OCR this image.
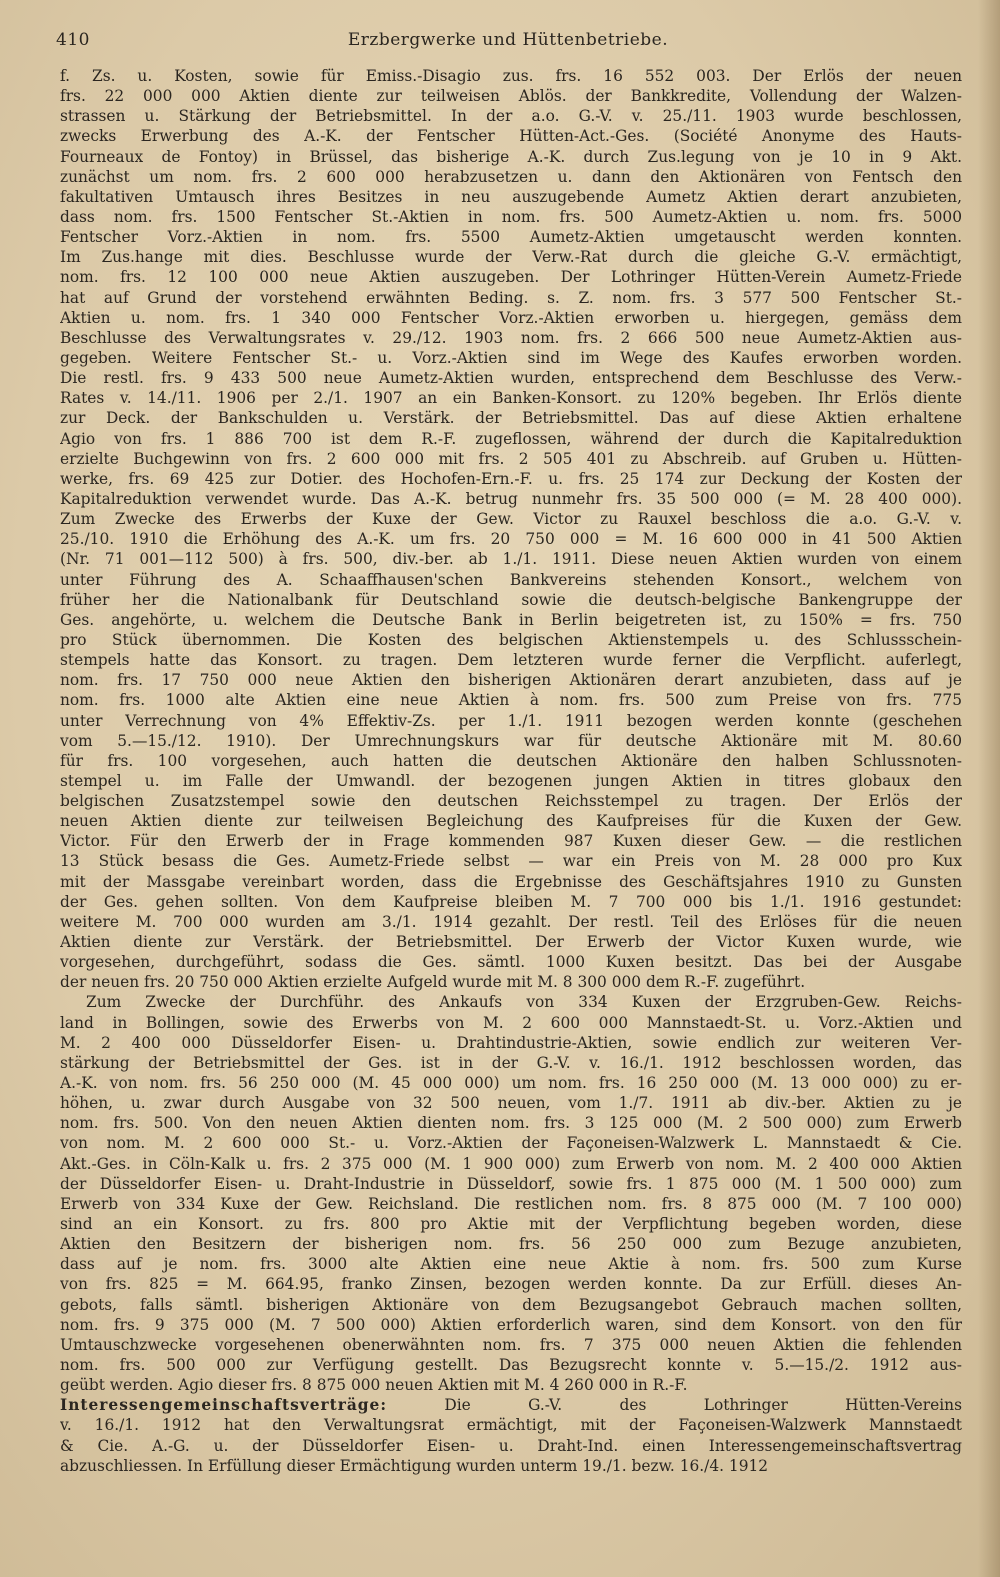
410	Erzbergwerke und Hüttenbetriebe.
f. Zs. u. Kosten, sowie für Emiss.-Disagio zus. frs. 16 552 003. Der Erlös der neuen
frs. 22 000 000 Aktien diente zur teilweisen Ablös. der Bankkredite, Vollendung der Walzen-
strassen u. Stärkung der Betriebsmittel. In der a.o. G.-V. v. 25./11. 1903 wurde beschlossen,
zwecks Erwerbung des A.-K. der Fentscher Hütten-Act.-Ges. (Société Anonyme des Hauts-
Fourneaux de Fontoy) in Brüssel, das bisherige A.-K. durch Zus.legung von je 10 in 9 Akt.
zunächst um nom. frs. 2 600 000 herabzusetzen u. dann den Aktionären von Fentsch den
fakultativen Umtausch ihres Besitzes in neu auszugebende Aumetz Aktien derart anzubieten,
dass nom. frs. 1500 Fentscher St.-Aktien in nom. frs. 500 Aumetz-Aktien u. nom. frs. 5000
Fentscher Vorz.-Aktien in nom. frs. 5500 Aumetz-Aktien umgetauscht werden konnten.
Im Zus.hange mit dies. Beschlusse wurde der Verw.-Rat durch die gleiche G.-V. ermächtigt,
nom. frs. 12 100 000 neue Aktien auszugeben. Der Lothringer Hütten-Verein Aumetz-Friede
hat auf Grund der vorstehend erwähnten Beding. s. Z. nom. frs. 3 577 500 Fentscher St.-
Aktien u. nom. frs. 1 340 000 Fentscher Vorz.-Aktien erworben u. hiergegen, gemäss dem
Beschlusse des Verwaltungsrates v. 29./12. 1903 nom. frs. 2 666 500 neue Aumetz-Aktien aus-
gegeben. Weitere Fentscher St.- u. Vorz.-Aktien sind im Wege des Kaufes erworben worden.
Die restl. frs. 9 433 500 neue Aumetz-Aktien wurden, entsprechend dem Beschlusse des Verw.-
Rates v. 14./11. 1906 per 2./1. 1907 an ein Banken-Konsort. zu 120% begeben. Ihr Erlös diente
zur Deck. der Bankschulden u. Verstärk. der Betriebsmittel. Das auf diese Aktien erhaltene
Agio von frs. 1 886 700 ist dem R.-F. zugeflossen, während der durch die Kapitalreduktion
erzielte Buchgewinn von frs. 2 600 000 mit frs. 2 505 401 zu Abschreib. auf Gruben u. Hütten-
werke, frs. 69 425 zur Dotier. des Hochofen-Ern.-F. u. frs. 25 174 zur Deckung der Kosten der
Kapitalreduktion verwendet wurde. Das A.-K. betrug nunmehr frs. 35 500 000 (= M. 28 400 000).
Zum Zwecke des Erwerbs der Kuxe der Gew. Victor zu Rauxel beschloss die a.o. G.-V. v.
25./10. 1910 die Erhöhung des A.-K. um frs. 20 750 000 = M. 16 600 000 in 41 500 Aktien
(Nr. 71 001—112 500) à frs. 500, div.-ber. ab 1./1. 1911. Diese neuen Aktien wurden von einem
unter Führung des A. Schaaffhausen'schen Bankvereins stehenden Konsort., welchem von
früher her die Nationalbank für Deutschland sowie die deutsch-belgische Bankengruppe der
Ges. angehörte, u. welchem die Deutsche Bank in Berlin beigetreten ist, zu 150% = frs. 750
pro Stück übernommen. Die Kosten des belgischen Aktienstempels u. des Schlussschein-
stempels hatte das Konsort. zu tragen. Dem letzteren wurde ferner die Verpflicht. auferlegt,
nom. frs. 17 750 000 neue Aktien den bisherigen Aktionären derart anzubieten, dass auf je
nom. frs. 1000 alte Aktien eine neue Aktien à nom. frs. 500 zum Preise von frs. 775
unter Verrechnung von 4% Effektiv-Zs. per 1./1. 1911 bezogen werden konnte (geschehen
vom 5.—15./12. 1910). Der Umrechnungskurs war für deutsche Aktionäre mit M. 80.60
für frs. 100 vorgesehen, auch hatten die deutschen Aktionäre den halben Schlussnoten-
stempel u. im Falle der Umwandl. der bezogenen jungen Aktien in titres globaux den
belgischen Zusatzstempel sowie den deutschen Reichsstempel zu tragen. Der Erlös der
neuen Aktien diente zur teilweisen Begleichung des Kaufpreises für die Kuxen der Gew.
Victor. Für den Erwerb der in Frage kommenden 987 Kuxen dieser Gew. — die restlichen
13 Stück besass die Ges. Aumetz-Friede selbst — war ein Preis von M. 28 000 pro Kux
mit der Massgabe vereinbart worden, dass die Ergebnisse des Geschäftsjahres 1910 zu Gunsten
der Ges. gehen sollten. Von dem Kaufpreise bleiben M. 7 700 000 bis 1./1. 1916 gestundet:
weitere M. 700 000 wurden am 3./1. 1914 gezahlt. Der restl. Teil des Erlöses für die neuen
Aktien diente zur Verstärk. der Betriebsmittel. Der Erwerb der Victor Kuxen wurde, wie
vorgesehen, durchgeführt, sodass die Ges. sämtl. 1000 Kuxen besitzt. Das bei der Ausgabe
der neuen frs. 20 750 000 Aktien erzielte Aufgeld wurde mit M. 8 300 000 dem R.-F. zugeführt.
Zum Zwecke der Durchführ. des Ankaufs von 334 Kuxen der Erzgruben-Gew. Reichs-
land in Bollingen, sowie des Erwerbs von M. 2 600 000 Mannstaedt-St. u. Vorz.-Aktien und
M. 2 400 000 Düsseldorfer Eisen- u. Drahtindustrie-Aktien, sowie endlich zur weiteren Ver-
stärkung der Betriebsmittel der Ges. ist in der G.-V. v. 16./1. 1912 beschlossen worden, das
A.-K. von nom. frs. 56 250 000 (M. 45 000 000) um nom. frs. 16 250 000 (M. 13 000 000) zu er-
höhen, u. zwar durch Ausgabe von 32 500 neuen, vom 1./7. 1911 ab div.-ber. Aktien zu je
nom. frs. 500. Von den neuen Aktien dienten nom. frs. 3 125 000 (M. 2 500 000) zum Erwerb
von nom. M. 2 600 000 St.- u. Vorz.-Aktien der Façoneisen-Walzwerk L. Mannstaedt & Cie.
Akt.-Ges. in Cöln-Kalk u. frs. 2 375 000 (M. 1 900 000) zum Erwerb von nom. M. 2 400 000 Aktien
der Düsseldorfer Eisen- u. Draht-Industrie in Düsseldorf, sowie frs. 1 875 000 (M. 1 500 000) zum
Erwerb von 334 Kuxe der Gew. Reichsland. Die restlichen nom. frs. 8 875 000 (M. 7 100 000)
sind an ein Konsort. zu frs. 800 pro Aktie mit der Verpflichtung begeben worden, diese
Aktien den Besitzern der bisherigen nom. frs. 56 250 000 zum Bezuge anzubieten,
dass auf je nom. frs. 3000 alte Aktien eine neue Aktie à nom. frs. 500 zum Kurse
von frs. 825 = M. 664.95, franko Zinsen, bezogen werden konnte. Da zur Erfüll. dieses An-
gebots, falls sämtl. bisherigen Aktionäre von dem Bezugsangebot Gebrauch machen sollten,
nom. frs. 9 375 000 (M. 7 500 000) Aktien erforderlich waren, sind dem Konsort. von den für
Umtauschzwecke vorgesehenen obenerwähnten nom. frs. 7 375 000 neuen Aktien die fehlenden
nom. frs. 500 000 zur Verfügung gestellt. Das Bezugsrecht konnte v. 5.—15./2. 1912 aus-
geübt werden. Agio dieser frs. 8 875 000 neuen Aktien mit M. 4 260 000 in R.-F.
Interessengemeinschaftsverträge: Die G.-V. des Lothringer Hütten-Vereins
v. 16./1. 1912 hat den Verwaltungsrat ermächtigt, mit der Façoneisen-Walzwerk Mannstaedt
& Cie. A.-G. u. der Düsseldorfer Eisen- u. Draht-Ind. einen Interessengemeinschaftsvertrag
abzuschliessen. In Erfüllung dieser Ermächtigung wurden unterm 19./1. bezw. 16./4. 1912
